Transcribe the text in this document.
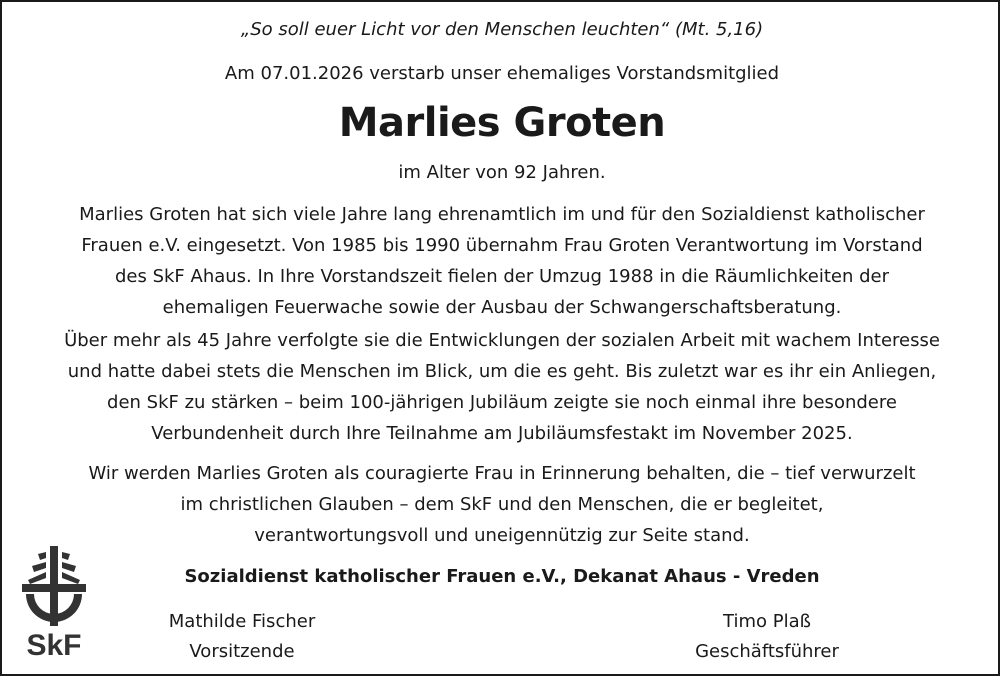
„So soll euer Licht vor den Menschen leuchten“ (Mt. 5,16)
Am 07.01.2026 verstarb unser ehemaliges Vorstandsmitglied
Marlies Groten
im Alter von 92 Jahren.
Marlies Groten hat sich viele Jahre lang ehrenamtlich im und für den Sozialdienst katholischer
Frauen e.V. eingesetzt. Von 1985 bis 1990 übernahm Frau Groten Verantwortung im Vorstand
des SkF Ahaus. In Ihre Vorstandszeit fielen der Umzug 1988 in die Räumlichkeiten der
ehemaligen Feuerwache sowie der Ausbau der Schwangerschaftsberatung.
Über mehr als 45 Jahre verfolgte sie die Entwicklungen der sozialen Arbeit mit wachem Interesse
und hatte dabei stets die Menschen im Blick, um die es geht. Bis zuletzt war es ihr ein Anliegen,
den SkF zu stärken – beim 100-jährigen Jubiläum zeigte sie noch einmal ihre besondere
Verbundenheit durch Ihre Teilnahme am Jubiläumsfestakt im November 2025.
Wir werden Marlies Groten als couragierte Frau in Erinnerung behalten, die – tief verwurzelt
im christlichen Glauben – dem SkF und den Menschen, die er begleitet,
verantwortungsvoll und uneigennützig zur Seite stand.
SkF
Sozialdienst katholischer Frauen e.V., Dekanat Ahaus - Vreden
Mathilde Fischer
Vorsitzende
Timo Plaß
Geschäftsführer
